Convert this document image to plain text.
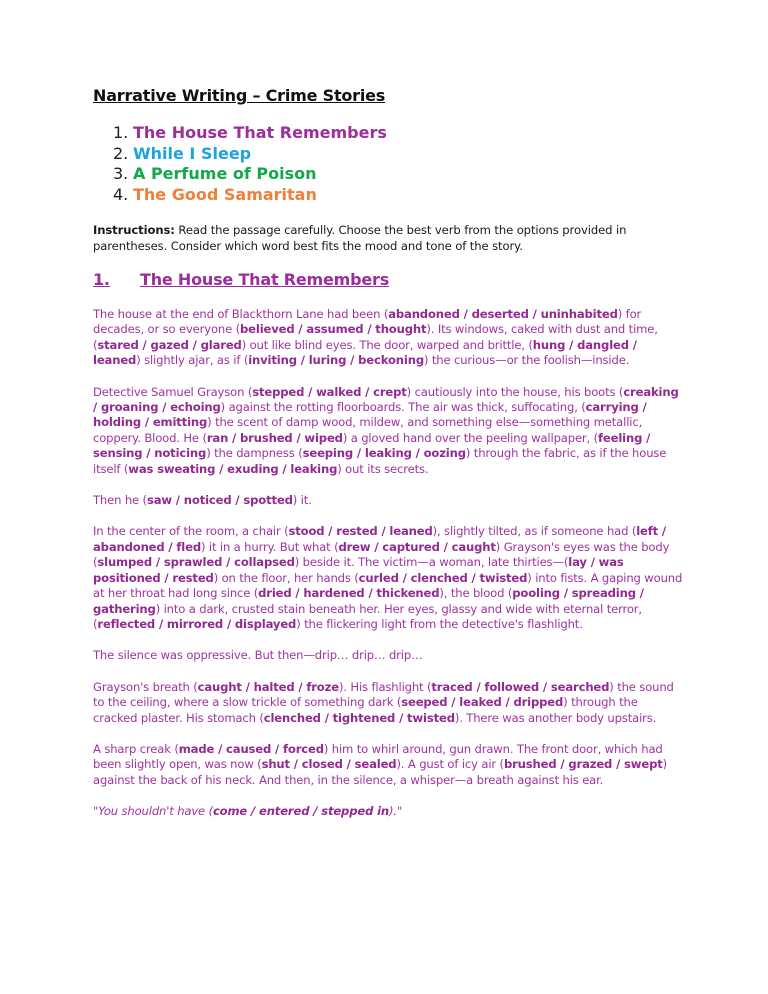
Narrative Writing – Crime Stories
1. The House That Remembers
2. While I Sleep
3. A Perfume of Poison
4. The Good Samaritan

Instructions: Read the passage carefully. Choose the best verb from the options provided in parentheses. Consider which word best fits the mood and tone of the story.

1.	The House That Remembers

The house at the end of Blackthorn Lane had been (abandoned / deserted / uninhabited) for decades, or so everyone (believed / assumed / thought). Its windows, caked with dust and time, (stared / gazed / glared) out like blind eyes. The door, warped and brittle, (hung / dangled / leaned) slightly ajar, as if (inviting / luring / beckoning) the curious—or the foolish—inside.

Detective Samuel Grayson (stepped / walked / crept) cautiously into the house, his boots (creaking / groaning / echoing) against the rotting floorboards. The air was thick, suffocating, (carrying / holding / emitting) the scent of damp wood, mildew, and something else—something metallic, coppery. Blood. He (ran / brushed / wiped) a gloved hand over the peeling wallpaper, (feeling / sensing / noticing) the dampness (seeping / leaking / oozing) through the fabric, as if the house itself (was sweating / exuding / leaking) out its secrets.

Then he (saw / noticed / spotted) it.

In the center of the room, a chair (stood / rested / leaned), slightly tilted, as if someone had (left / abandoned / fled) it in a hurry. But what (drew / captured / caught) Grayson's eyes was the body (slumped / sprawled / collapsed) beside it. The victim—a woman, late thirties—(lay / was positioned / rested) on the floor, her hands (curled / clenched / twisted) into fists. A gaping wound at her throat had long since (dried / hardened / thickened), the blood (pooling / spreading / gathering) into a dark, crusted stain beneath her. Her eyes, glassy and wide with eternal terror, (reflected / mirrored / displayed) the flickering light from the detective's flashlight.

The silence was oppressive. But then—drip… drip… drip…

Grayson's breath (caught / halted / froze). His flashlight (traced / followed / searched) the sound to the ceiling, where a slow trickle of something dark (seeped / leaked / dripped) through the cracked plaster. His stomach (clenched / tightened / twisted). There was another body upstairs.

A sharp creak (made / caused / forced) him to whirl around, gun drawn. The front door, which had been slightly open, was now (shut / closed / sealed). A gust of icy air (brushed / grazed / swept) against the back of his neck. And then, in the silence, a whisper—a breath against his ear.

"You shouldn't have (come / entered / stepped in)."
